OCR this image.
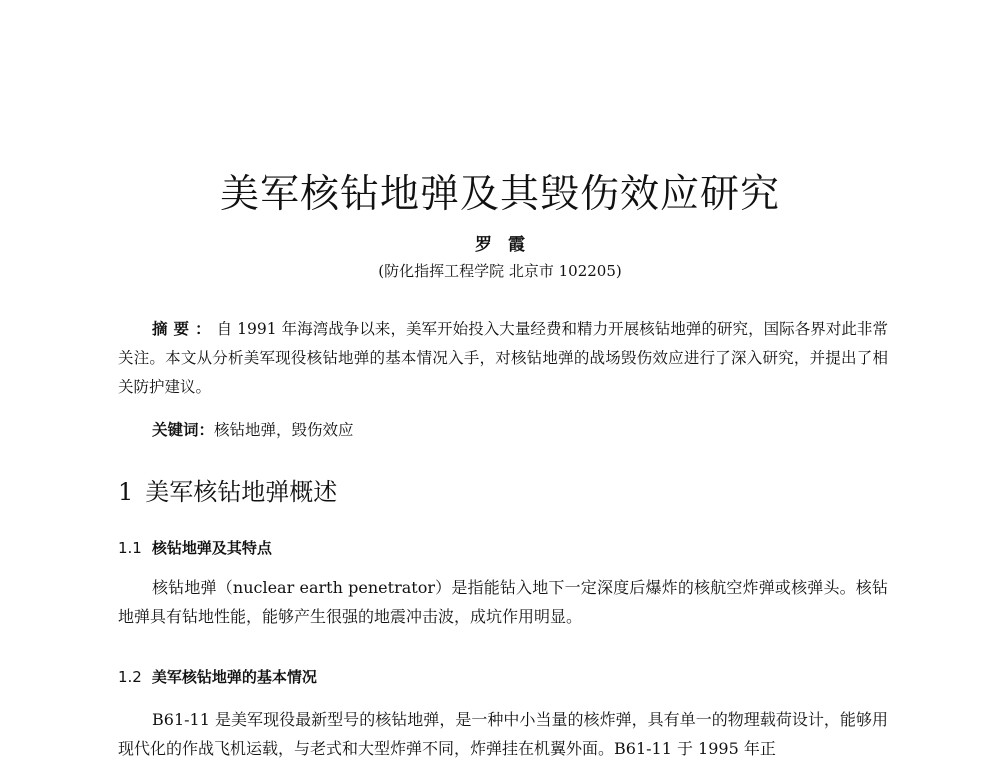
美军核钻地弹及其毁伤效应研究
罗霞
(防化指挥工程学院 北京市 102205)
摘要：自 1991 年海湾战争以来，美军开始投入大量经费和精力开展核钻地弹的研究，国际各界对此非常关注。本文从分析美军现役核钻地弹的基本情况入手，对核钻地弹的战场毁伤效应进行了深入研究，并提出了相关防护建议。
关键词：核钻地弹，毁伤效应
1 美军核钻地弹概述
1.1 核钻地弹及其特点
核钻地弹（nuclear earth penetrator）是指能钻入地下一定深度后爆炸的核航空炸弹或核弹头。核钻地弹具有钻地性能，能够产生很强的地震冲击波，成坑作用明显。
1.2 美军核钻地弹的基本情况
B61-11 是美军现役最新型号的核钻地弹，是一种中小当量的核炸弹，具有单一的物理载荷设计，能够用现代化的作战飞机运载，与老式和大型炸弹不同，炸弹挂在机翼外面。B61-11 于 1995 年正
